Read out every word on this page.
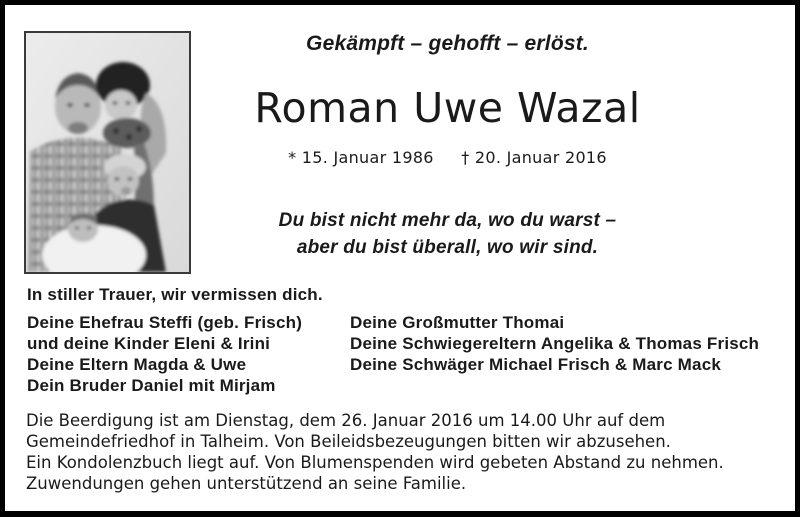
Gekämpft – gehofft – erlöst.
Roman Uwe Wazal
* 15. Januar 1986 † 20. Januar 2016
Du bist nicht mehr da, wo du warst –
aber du bist überall, wo wir sind.
In stiller Trauer, wir vermissen dich.
Deine Ehefrau Steffi (geb. Frisch)
und deine Kinder Eleni & Irini
Deine Eltern Magda & Uwe
Dein Bruder Daniel mit Mirjam
Deine Großmutter Thomai
Deine Schwiegereltern Angelika & Thomas Frisch
Deine Schwäger Michael Frisch & Marc Mack
Die Beerdigung ist am Dienstag, dem 26. Januar 2016 um 14.00 Uhr auf dem
Gemeindefriedhof in Talheim. Von Beileidsbezeugungen bitten wir abzusehen.
Ein Kondolenzbuch liegt auf. Von Blumenspenden wird gebeten Abstand zu nehmen.
Zuwendungen gehen unterstützend an seine Familie.
